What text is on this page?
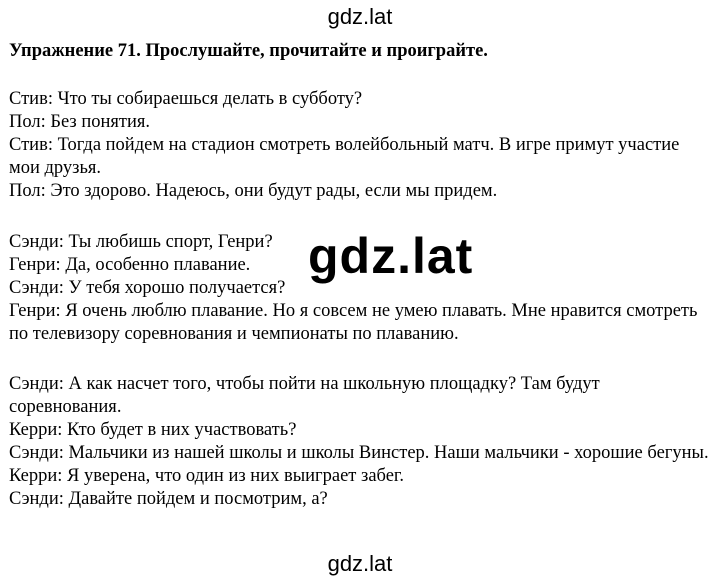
gdz.lat
Упражнение 71. Прослушайте, прочитайте и проиграйте.
Стив: Что ты собираешься делать в субботу?
Пол: Без понятия.
Стив: Тогда пойдем на стадион смотреть волейбольный матч. В игре примут участие мои друзья.
Пол: Это здорово. Надеюсь, они будут рады, если мы придем.
Сэнди: Ты любишь спорт, Генри?
Генри: Да, особенно плавание.
Сэнди: У тебя хорошо получается?
Генри: Я очень люблю плавание. Но я совсем не умею плавать. Мне нравится смотреть по телевизору соревнования и чемпионаты по плаванию.
Сэнди: А как насчет того, чтобы пойти на школьную площадку? Там будут соревнования.
Керри: Кто будет в них участвовать?
Сэнди: Мальчики из нашей школы и школы Винстер. Наши мальчики - хорошие бегуны.
Керри: Я уверена, что один из них выиграет забег.
Сэнди: Давайте пойдем и посмотрим, а?
gdz.lat
gdz.lat
